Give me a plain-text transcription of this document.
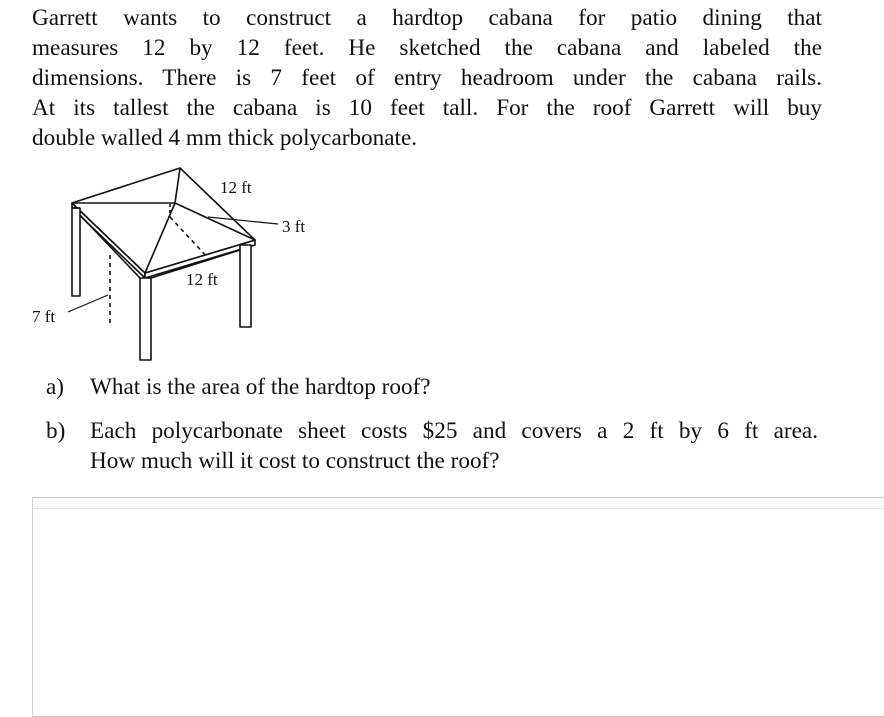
Garrett wants to construct a hardtop cabana for patio dining that
measures 12 by 12 feet. He sketched the cabana and labeled the
dimensions. There is 7 feet of entry headroom under the cabana rails.
At its tallest the cabana is 10 feet tall. For the roof Garrett will buy
double walled 4 mm thick polycarbonate.

12 ft
3 ft
12 ft
7 ft
a) What is the area of the hardtop roof?
b) Each polycarbonate sheet costs $25 and covers a 2 ft by 6 ft area.
How much will it cost to construct the roof?
